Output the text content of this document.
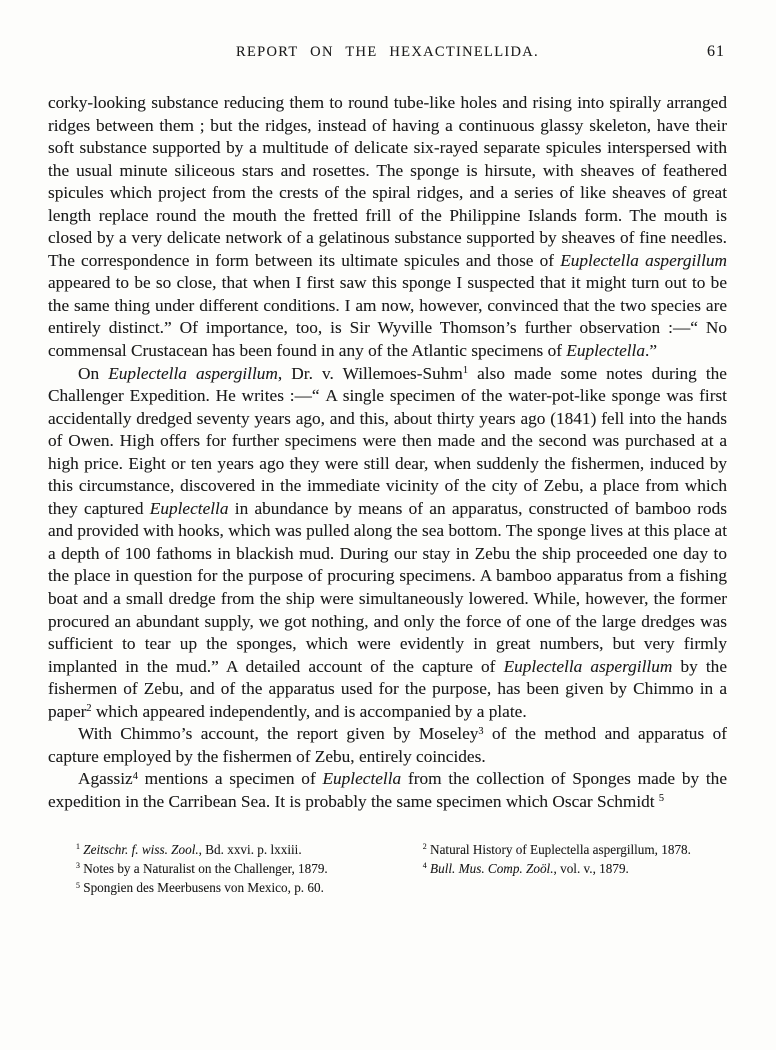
REPORT ON THE HEXACTINELLIDA.	61

corky-looking substance reducing them to round tube-like holes and rising into spirally arranged ridges between them ; but the ridges, instead of having a continuous glassy skeleton, have their soft substance supported by a multitude of delicate six-rayed separate spicules interspersed with the usual minute siliceous stars and rosettes. The sponge is hirsute, with sheaves of feathered spicules which project from the crests of the spiral ridges, and a series of like sheaves of great length replace round the mouth the fretted frill of the Philippine Islands form. The mouth is closed by a very delicate network of a gelatinous substance supported by sheaves of fine needles. The correspondence in form between its ultimate spicules and those of Euplectella aspergillum appeared to be so close, that when I first saw this sponge I suspected that it might turn out to be the same thing under different conditions. I am now, however, convinced that the two species are entirely distinct.” Of importance, too, is Sir Wyville Thomson’s further observation :—“ No commensal Crustacean has been found in any of the Atlantic specimens of Euplectella.”

On Euplectella aspergillum, Dr. v. Willemoes-Suhm$^1$ also made some notes during the Challenger Expedition. He writes :—“ A single specimen of the water-pot-like sponge was first accidentally dredged seventy years ago, and this, about thirty years ago (1841) fell into the hands of Owen. High offers for further specimens were then made and the second was purchased at a high price. Eight or ten years ago they were still dear, when suddenly the fishermen, induced by this circumstance, discovered in the immediate vicinity of the city of Zebu, a place from which they captured Euplectella in abundance by means of an apparatus, constructed of bamboo rods and provided with hooks, which was pulled along the sea bottom. The sponge lives at this place at a depth of 100 fathoms in blackish mud. During our stay in Zebu the ship proceeded one day to the place in question for the purpose of procuring specimens. A bamboo apparatus from a fishing boat and a small dredge from the ship were simultaneously lowered. While, however, the former procured an abundant supply, we got nothing, and only the force of one of the large dredges was sufficient to tear up the sponges, which were evidently in great numbers, but very firmly implanted in the mud.” A detailed account of the capture of Euplectella aspergillum by the fishermen of Zebu, and of the apparatus used for the purpose, has been given by Chimmo in a paper$^2$ which appeared independently, and is accompanied by a plate.

With Chimmo’s account, the report given by Moseley$^3$ of the method and apparatus of capture employed by the fishermen of Zebu, entirely coincides.

Agassiz$^4$ mentions a specimen of Euplectella from the collection of Sponges made by the expedition in the Carribean Sea. It is probably the same specimen which Oscar Schmidt $^5$

$^1$ Zeitschr. f. wiss. Zool., Bd. xxvi. p. lxxiii.
$^3$ Notes by a Naturalist on the Challenger, 1879.
$^5$ Spongien des Meerbusens von Mexico, p. 60.
$^2$ Natural History of Euplectella aspergillum, 1878.
$^4$ Bull. Mus. Comp. Zoöl., vol. v., 1879.
